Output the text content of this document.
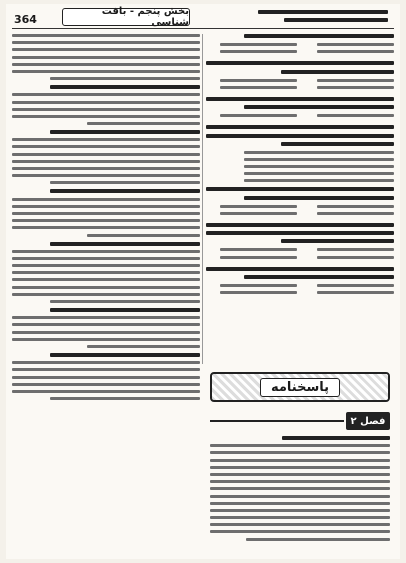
364
بخش پنجم - بافت شناسی
پاسخنامه
فصل ۲
